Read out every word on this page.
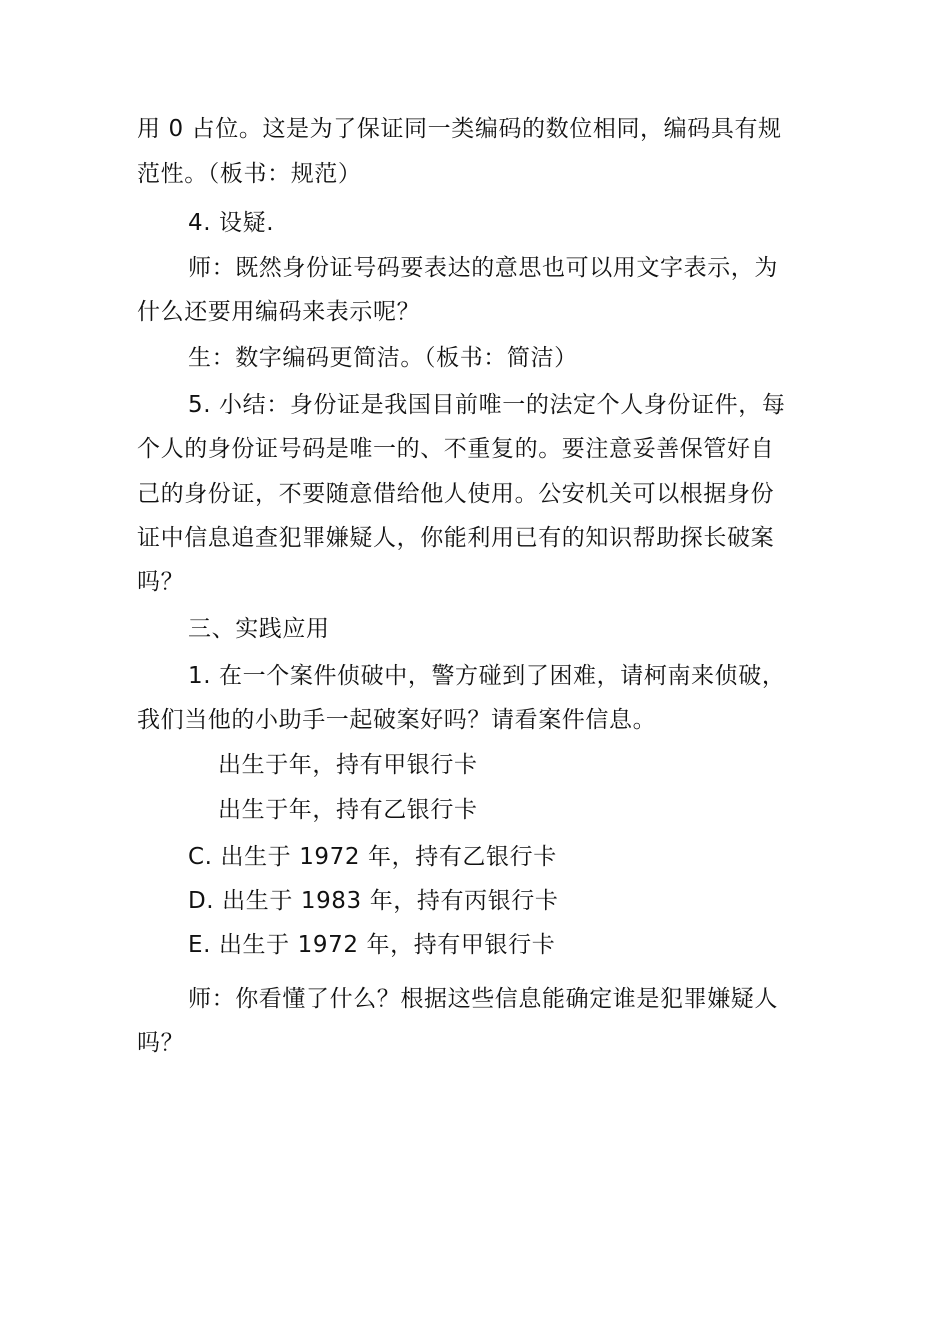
用 0 占位。这是为了保证同一类编码的数位相同，编码具有规
范性。（板书：规范）
4. 设疑.
师：既然身份证号码要表达的意思也可以用文字表示，为
什么还要用编码来表示呢？
生：数字编码更简洁。（板书：简洁）
5. 小结：身份证是我国目前唯一的法定个人身份证件，每
个人的身份证号码是唯一的、不重复的。要注意妥善保管好自
己的身份证，不要随意借给他人使用。公安机关可以根据身份
证中信息追查犯罪嫌疑人，你能利用已有的知识帮助探长破案
吗？
三、实践应用
1. 在一个案件侦破中，警方碰到了困难，请柯南来侦破，
我们当他的小助手一起破案好吗？请看案件信息。
出生于年，持有甲银行卡
出生于年，持有乙银行卡
C. 出生于 1972 年，持有乙银行卡
D. 出生于 1983 年，持有丙银行卡
E. 出生于 1972 年，持有甲银行卡
师：你看懂了什么？根据这些信息能确定谁是犯罪嫌疑人
吗？
